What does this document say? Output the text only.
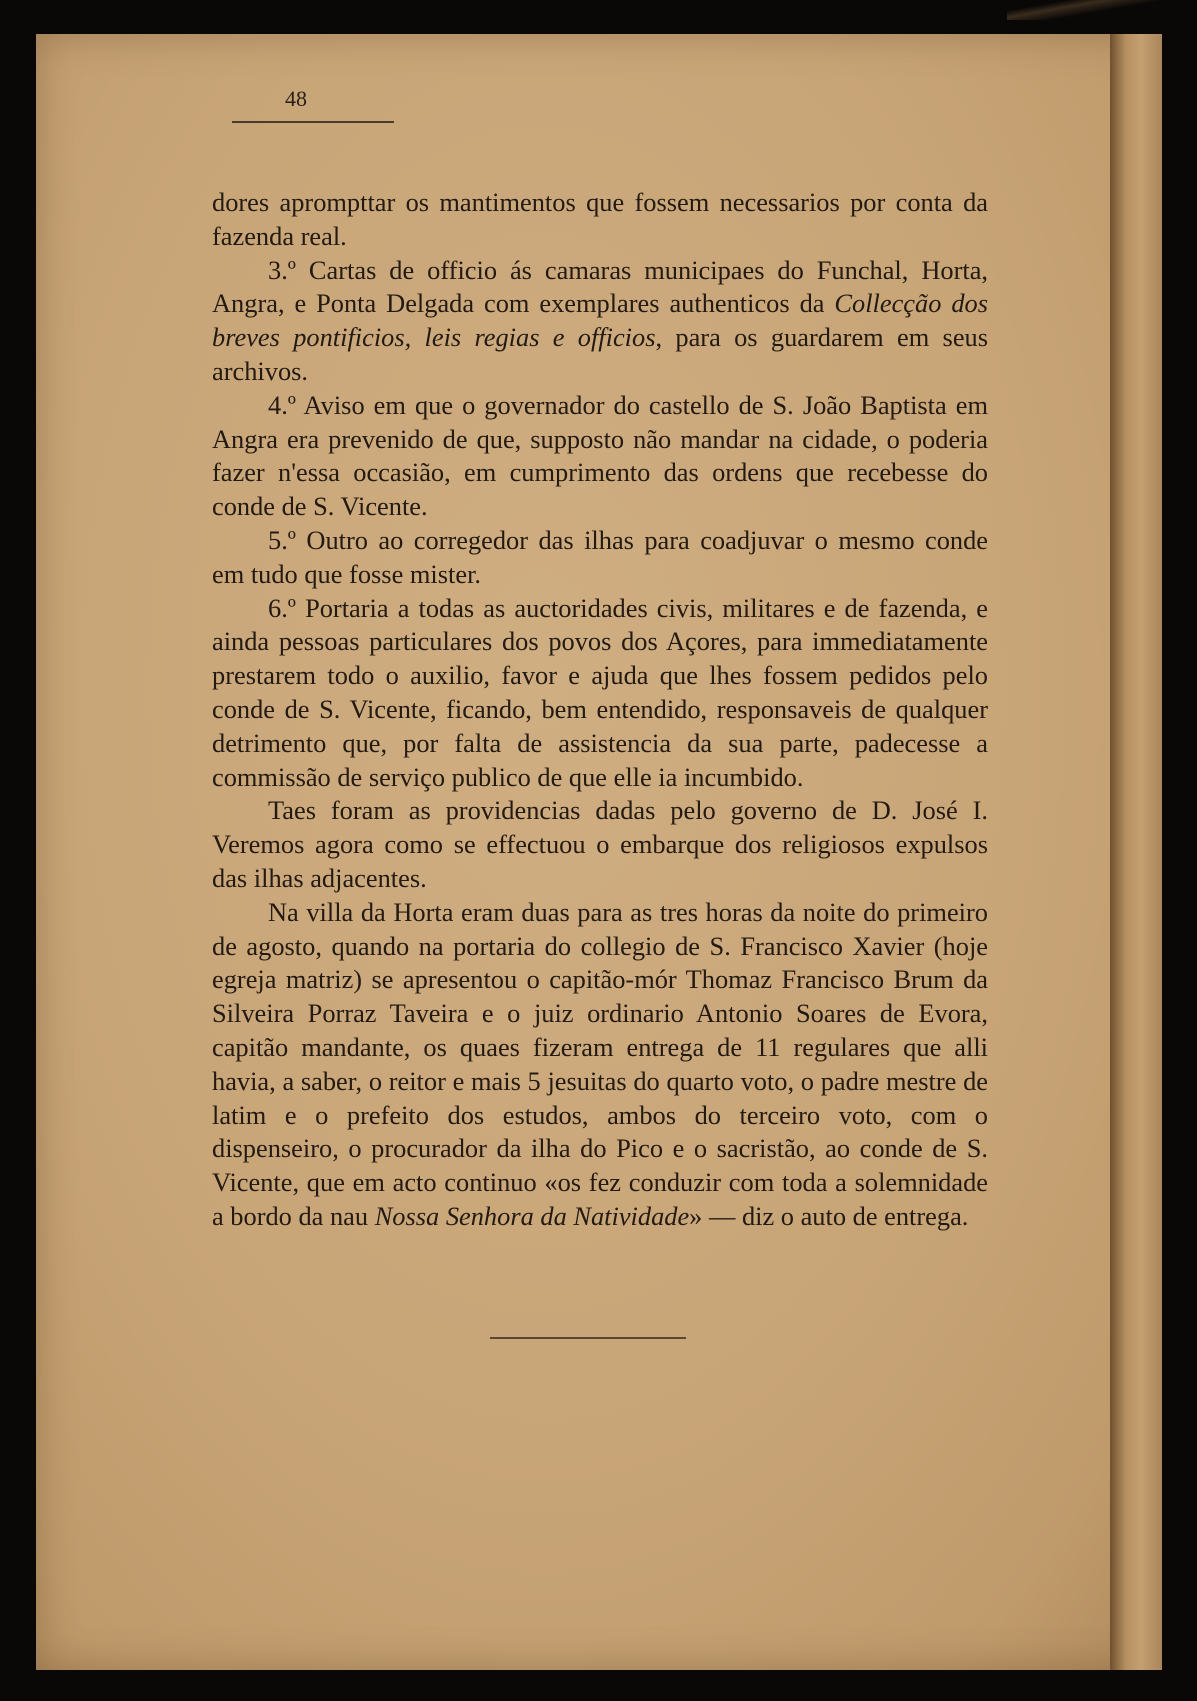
48

dores aprompttar os mantimentos que fossem necessarios por conta da fazenda real.

3.º Cartas de officio ás camaras municipaes do Funchal, Horta, Angra, e Ponta Delgada com exemplares authenticos da Collecção dos breves pontificios, leis regias e officios, para os guardarem em seus archivos.

4.º Aviso em que o governador do castello de S. João Baptista em Angra era prevenido de que, supposto não mandar na cidade, o poderia fazer n'essa occasião, em cumprimento das ordens que recebesse do conde de S. Vicente.

5.º Outro ao corregedor das ilhas para coadjuvar o mesmo conde em tudo que fosse mister.

6.º Portaria a todas as auctoridades civis, militares e de fazenda, e ainda pessoas particulares dos povos dos Açores, para immediatamente prestarem todo o auxilio, favor e ajuda que lhes fossem pedidos pelo conde de S. Vicente, ficando, bem entendido, responsaveis de qualquer detrimento que, por falta de assistencia da sua parte, padecesse a commissão de serviço publico de que elle ia incumbido.

Taes foram as providencias dadas pelo governo de D. José I. Veremos agora como se effectuou o embarque dos religiosos expulsos das ilhas adjacentes.

Na villa da Horta eram duas para as tres horas da noite do primeiro de agosto, quando na portaria do collegio de S. Francisco Xavier (hoje egreja matriz) se apresentou o capitão-mór Thomaz Francisco Brum da Silveira Porraz Taveira e o juiz ordinario Antonio Soares de Evora, capitão mandante, os quaes fizeram entrega de 11 regulares que alli havia, a saber, o reitor e mais 5 jesuitas do quarto voto, o padre mestre de latim e o prefeito dos estudos, ambos do terceiro voto, com o dispenseiro, o procurador da ilha do Pico e o sacristão, ao conde de S. Vicente, que em acto continuo «os fez conduzir com toda a solemnidade a bordo da nau Nossa Senhora da Natividade» — diz o auto de entrega.
